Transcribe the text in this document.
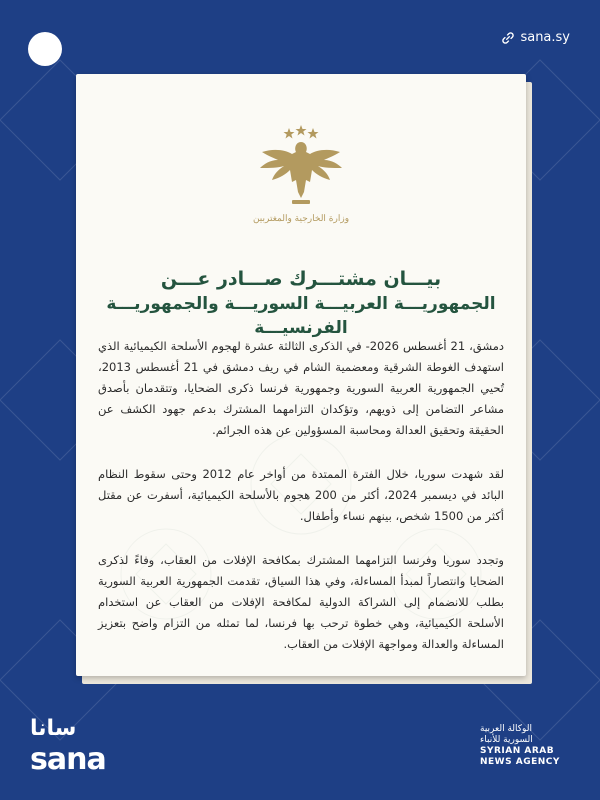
sana.sy
وزارة الخارجية والمغتربين
بيـــان مشتـــرك صـــادر عـــن
الجمهوريـــة العربيـــة السوريـــة والجمهوريـــة الفرنسيـــة

دمشق، 21 أغسطس 2026- في الذكرى الثالثة عشرة لهجوم الأسلحة الكيميائية الذي استهدف الغوطة الشرقية ومعضمية الشام في ريف دمشق في 21 أغسطس 2013، تُحيي الجمهورية العربية السورية وجمهورية فرنسا ذكرى الضحايا، وتتقدمان بأصدق مشاعر التضامن إلى ذويهم، وتؤكدان التزامهما المشترك بدعم جهود الكشف عن الحقيقة وتحقيق العدالة ومحاسبة المسؤولين عن هذه الجرائم.

لقد شهدت سوريا، خلال الفترة الممتدة من أواخر عام 2012 وحتى سقوط النظام البائد في ديسمبر 2024، أكثر من 200 هجوم بالأسلحة الكيميائية، أسفرت عن مقتل أكثر من 1500 شخص، بينهم نساء وأطفال.

وتجدد سوريا وفرنسا التزامهما المشترك بمكافحة الإفلات من العقاب، وفاءً لذكرى الضحايا وانتصاراً لمبدأ المساءلة، وفي هذا السياق، تقدمت الجمهورية العربية السورية بطلب للانضمام إلى الشراكة الدولية لمكافحة الإفلات من العقاب عن استخدام الأسلحة الكيميائية، وهي خطوة ترحب بها فرنسا، لما تمثله من التزام واضح بتعزيز المساءلة والعدالة ومواجهة الإفلات من العقاب.

سانا
sana
الوكالة العربية
السورية للأنباء
SYRIAN ARAB
NEWS AGENCY
